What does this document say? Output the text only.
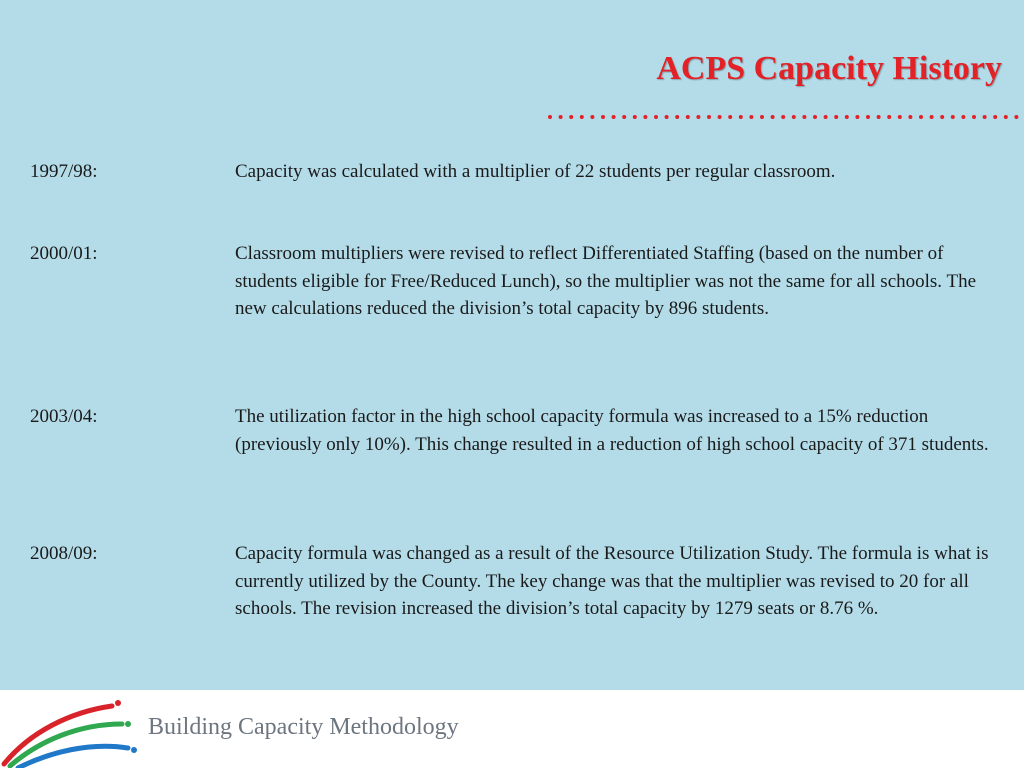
ACPS Capacity History
1997/98:	Capacity was calculated with a multiplier of 22 students per regular classroom.
2000/01:	Classroom multipliers were revised to reflect Differentiated Staffing (based on the number of students eligible for Free/Reduced Lunch), so the multiplier was not the same for all schools. The new calculations reduced the division’s total capacity by 896 students.
2003/04:	The utilization factor in the high school capacity formula was increased to a 15% reduction (previously only 10%). This change resulted in a reduction of high school capacity of 371 students.
2008/09:	Capacity formula was changed as a result of the Resource Utilization Study. The formula is what is currently utilized by the County. The key change was that the multiplier was revised to 20 for all schools. The revision increased the division’s total capacity by 1279 seats or 8.76 %.
Building Capacity Methodology
